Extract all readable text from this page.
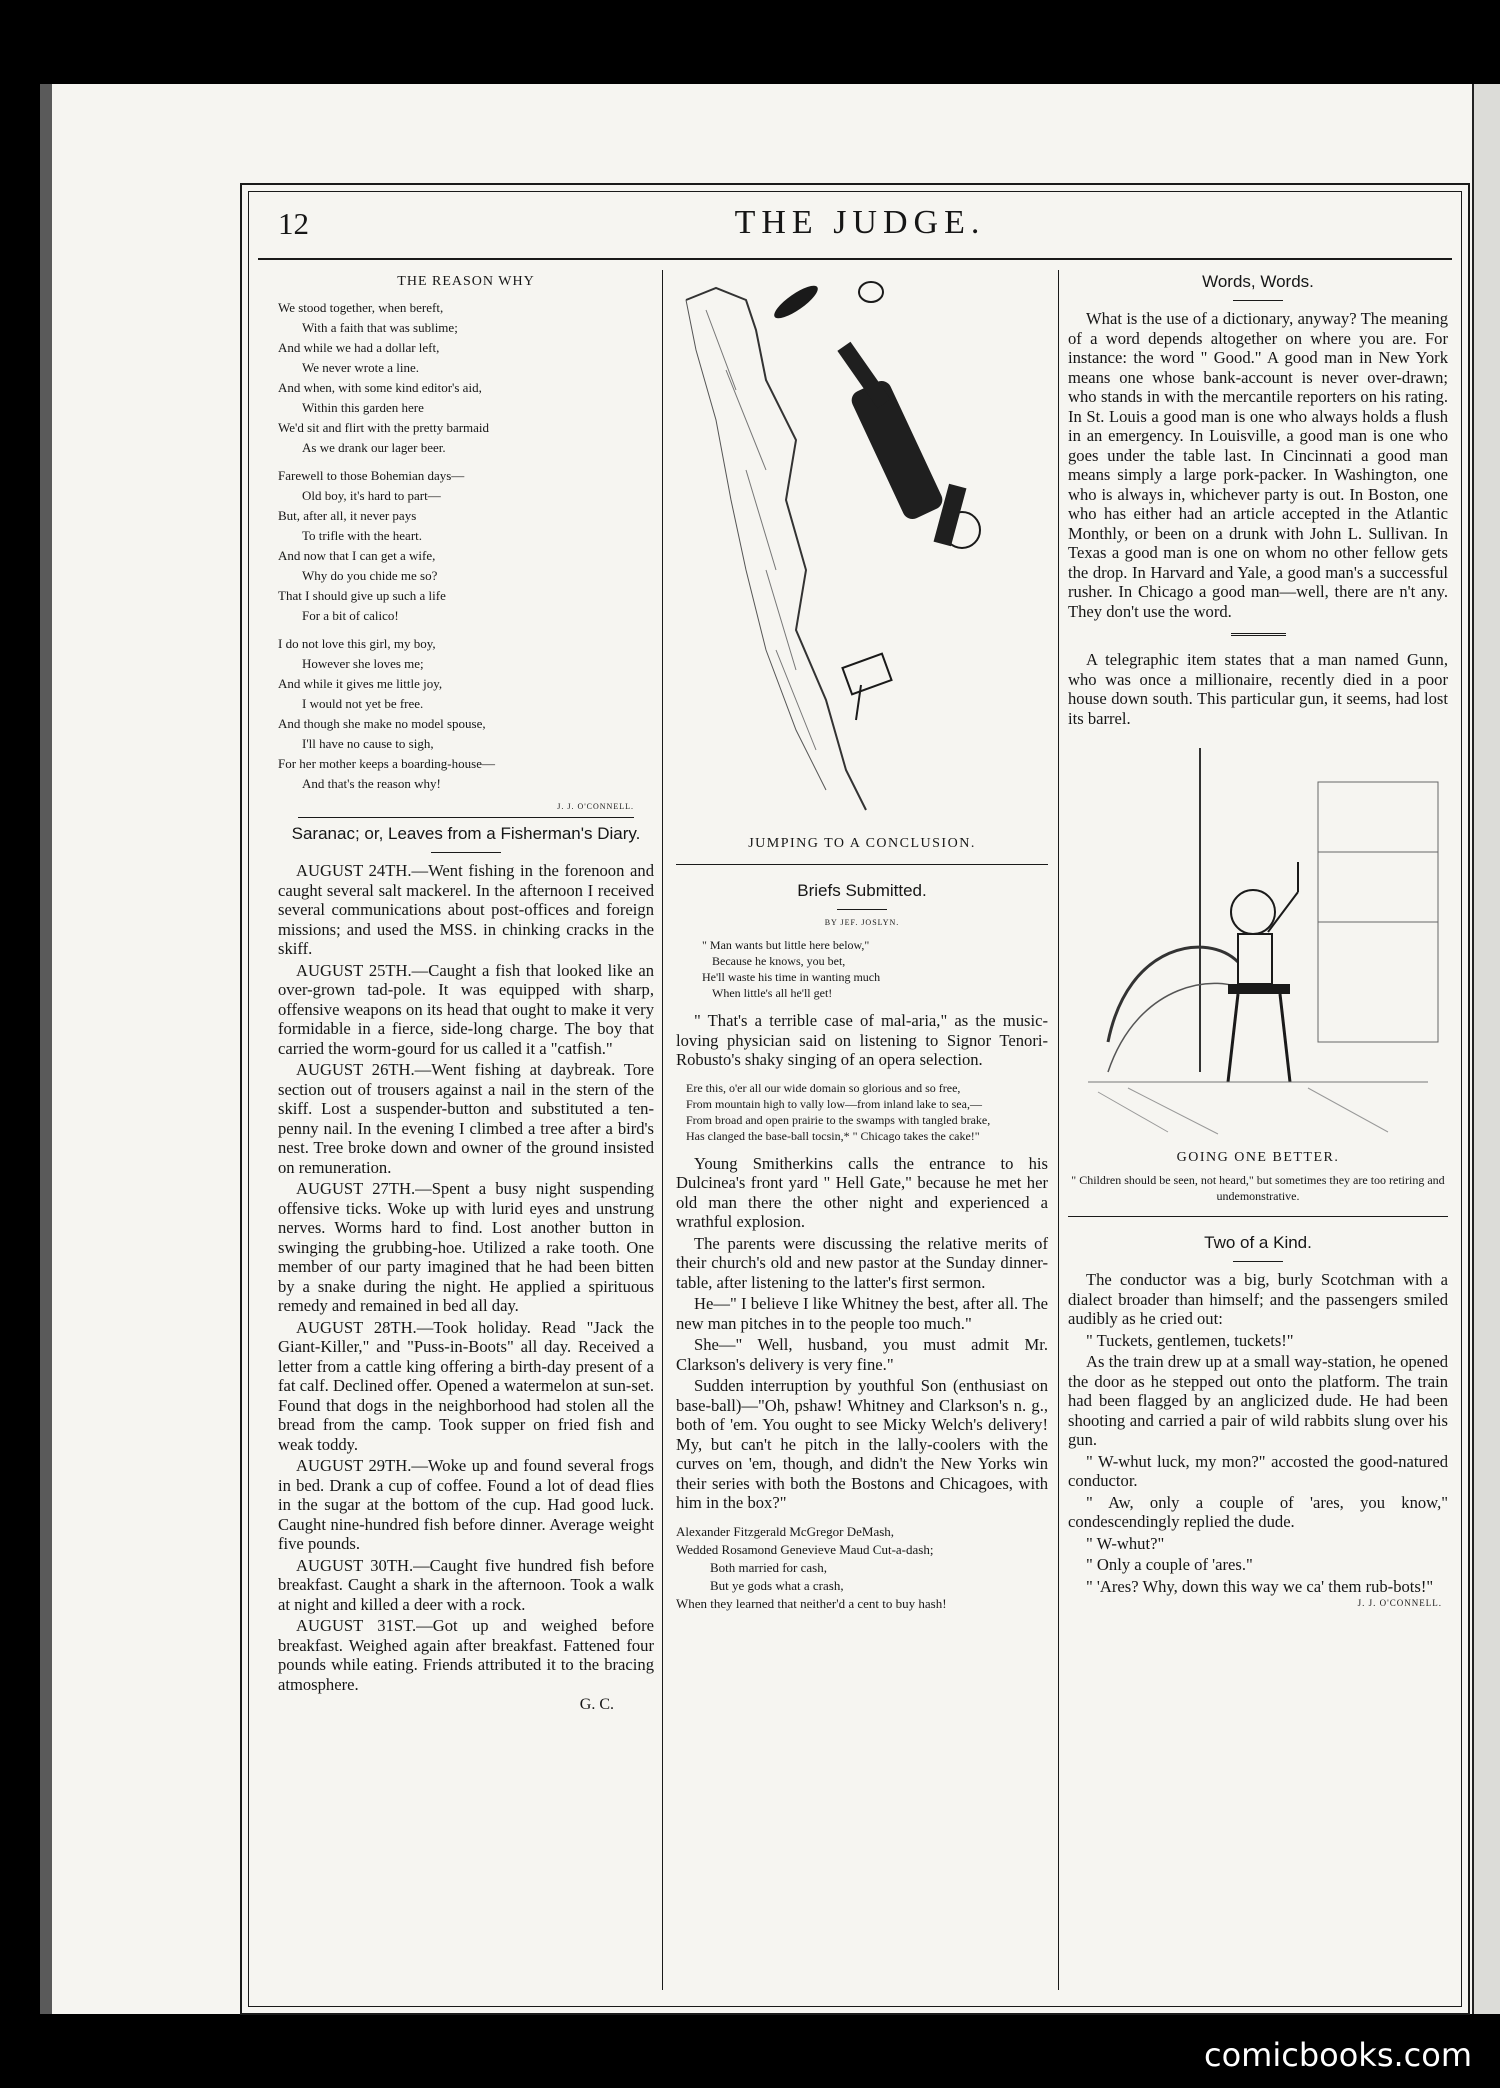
12	THE JUDGE.
THE REASON WHY
We stood together, when bereft,
With a faith that was sublime;
And while we had a dollar left,
We never wrote a line.
And when, with some kind editor's aid,
Within this garden here
We'd sit and flirt with the pretty barmaid
As we drank our lager beer.
Farewell to those Bohemian days—
Old boy, it's hard to part—
But, after all, it never pays
To trifle with the heart.
And now that I can get a wife,
Why do you chide me so?
That I should give up such a life
For a bit of calico!
I do not love this girl, my boy,
However she loves me;
And while it gives me little joy,
I would not yet be free.
And though she make no model spouse,
I'll have no cause to sigh,
For her mother keeps a boarding-house—
And that's the reason why!
J. J. O'CONNELL.
Saranac; or, Leaves from a Fisherman's Diary.

AUGUST 24TH.—Went fishing in the forenoon and caught several salt mackerel. In the afternoon I received several communications about post-offices and foreign missions; and used the MSS. in chinking cracks in the skiff.

AUGUST 25TH.—Caught a fish that looked like an over-grown tad-pole. It was equipped with sharp, offensive weapons on its head that ought to make it very formidable in a fierce, side-long charge. The boy that carried the worm-gourd for us called it a "catfish."

AUGUST 26TH.—Went fishing at daybreak. Tore section out of trousers against a nail in the stern of the skiff. Lost a suspender-button and substituted a ten-penny nail. In the evening I climbed a tree after a bird's nest. Tree broke down and owner of the ground insisted on remuneration.

AUGUST 27TH.—Spent a busy night suspending offensive ticks. Woke up with lurid eyes and unstrung nerves. Worms hard to find. Lost another button in swinging the grubbing-hoe. Utilized a rake tooth. One member of our party imagined that he had been bitten by a snake during the night. He applied a spirituous remedy and remained in bed all day.

AUGUST 28TH.—Took holiday. Read "Jack the Giant-Killer," and "Puss-in-Boots" all day. Received a letter from a cattle king offering a birth-day present of a fat calf. Declined offer. Opened a watermelon at sun-set. Found that dogs in the neighborhood had stolen all the bread from the camp. Took supper on fried fish and weak toddy.

AUGUST 29TH.—Woke up and found several frogs in bed. Drank a cup of coffee. Found a lot of dead flies in the sugar at the bottom of the cup. Had good luck. Caught nine-hundred fish before dinner. Average weight five pounds.

AUGUST 30TH.—Caught five hundred fish before breakfast. Caught a shark in the afternoon. Took a walk at night and killed a deer with a rock.

AUGUST 31ST.—Got up and weighed before breakfast. Weighed again after breakfast. Fattened four pounds while eating. Friends attributed it to the bracing atmosphere.

G. C.
JUMPING TO A CONCLUSION.
Briefs Submitted.
BY JEF. JOSLYN.
" Man wants but little here below,"
Because he knows, you bet,
He'll waste his time in wanting much
When little's all he'll get!

" That's a terrible case of mal-aria," as the music-loving physician said on listening to Signor Tenori-Robusto's shaky singing of an opera selection.

Ere this, o'er all our wide domain so glorious and so free,
From mountain high to vally low—from inland lake to sea,—
From broad and open prairie to the swamps with tangled brake,
Has clanged the base-ball tocsin,* " Chicago takes the cake!"

Young Smitherkins calls the entrance to his Dulcinea's front yard " Hell Gate," because he met her old man there the other night and experienced a wrathful explosion.

The parents were discussing the relative merits of their church's old and new pastor at the Sunday dinner-table, after listening to the latter's first sermon.

He—" I believe I like Whitney the best, after all. The new man pitches in to the people too much."

She—" Well, husband, you must admit Mr. Clarkson's delivery is very fine."

Sudden interruption by youthful Son (enthusiast on base-ball)—"Oh, pshaw! Whitney and Clarkson's n. g., both of 'em. You ought to see Micky Welch's delivery! My, but can't he pitch in the lally-coolers with the curves on 'em, though, and didn't the New Yorks win their series with both the Bostons and Chicagoes, with him in the box?"

Alexander Fitzgerald McGregor DeMash,
Wedded Rosamond Genevieve Maud Cut-a-dash;
Both married for cash,
But ye gods what a crash,
When they learned that neither'd a cent to buy hash!
Words, Words.

What is the use of a dictionary, anyway? The meaning of a word depends altogether on where you are. For instance: the word " Good." A good man in New York means one whose bank-account is never over-drawn; who stands in with the mercantile reporters on his rating. In St. Louis a good man is one who always holds a flush in an emergency. In Louisville, a good man is one who goes under the table last. In Cincinnati a good man means simply a large pork-packer. In Washington, one who is always in, whichever party is out. In Boston, one who has either had an article accepted in the Atlantic Monthly, or been on a drunk with John L. Sullivan. In Texas a good man is one on whom no other fellow gets the drop. In Harvard and Yale, a good man's a successful rusher. In Chicago a good man—well, there are n't any. They don't use the word.

A telegraphic item states that a man named Gunn, who was once a millionaire, recently died in a poor house down south. This particular gun, it seems, had lost its barrel.

GOING ONE BETTER.
" Children should be seen, not heard," but sometimes they are too retiring and undemonstrative.
Two of a Kind.

The conductor was a big, burly Scotchman with a dialect broader than himself; and the passengers smiled audibly as he cried out:

" Tuckets, gentlemen, tuckets!"

As the train drew up at a small way-station, he opened the door as he stepped out onto the platform. The train had been flagged by an anglicized dude. He had been shooting and carried a pair of wild rabbits slung over his gun.

" W-whut luck, my mon?" accosted the good-natured conductor.

" Aw, only a couple of 'ares, you know," condescendingly replied the dude.

" W-whut?"

" Only a couple of 'ares."

" 'Ares? Why, down this way we ca' them rub-bots!"

J. J. O'CONNELL.
comicbooks.com
